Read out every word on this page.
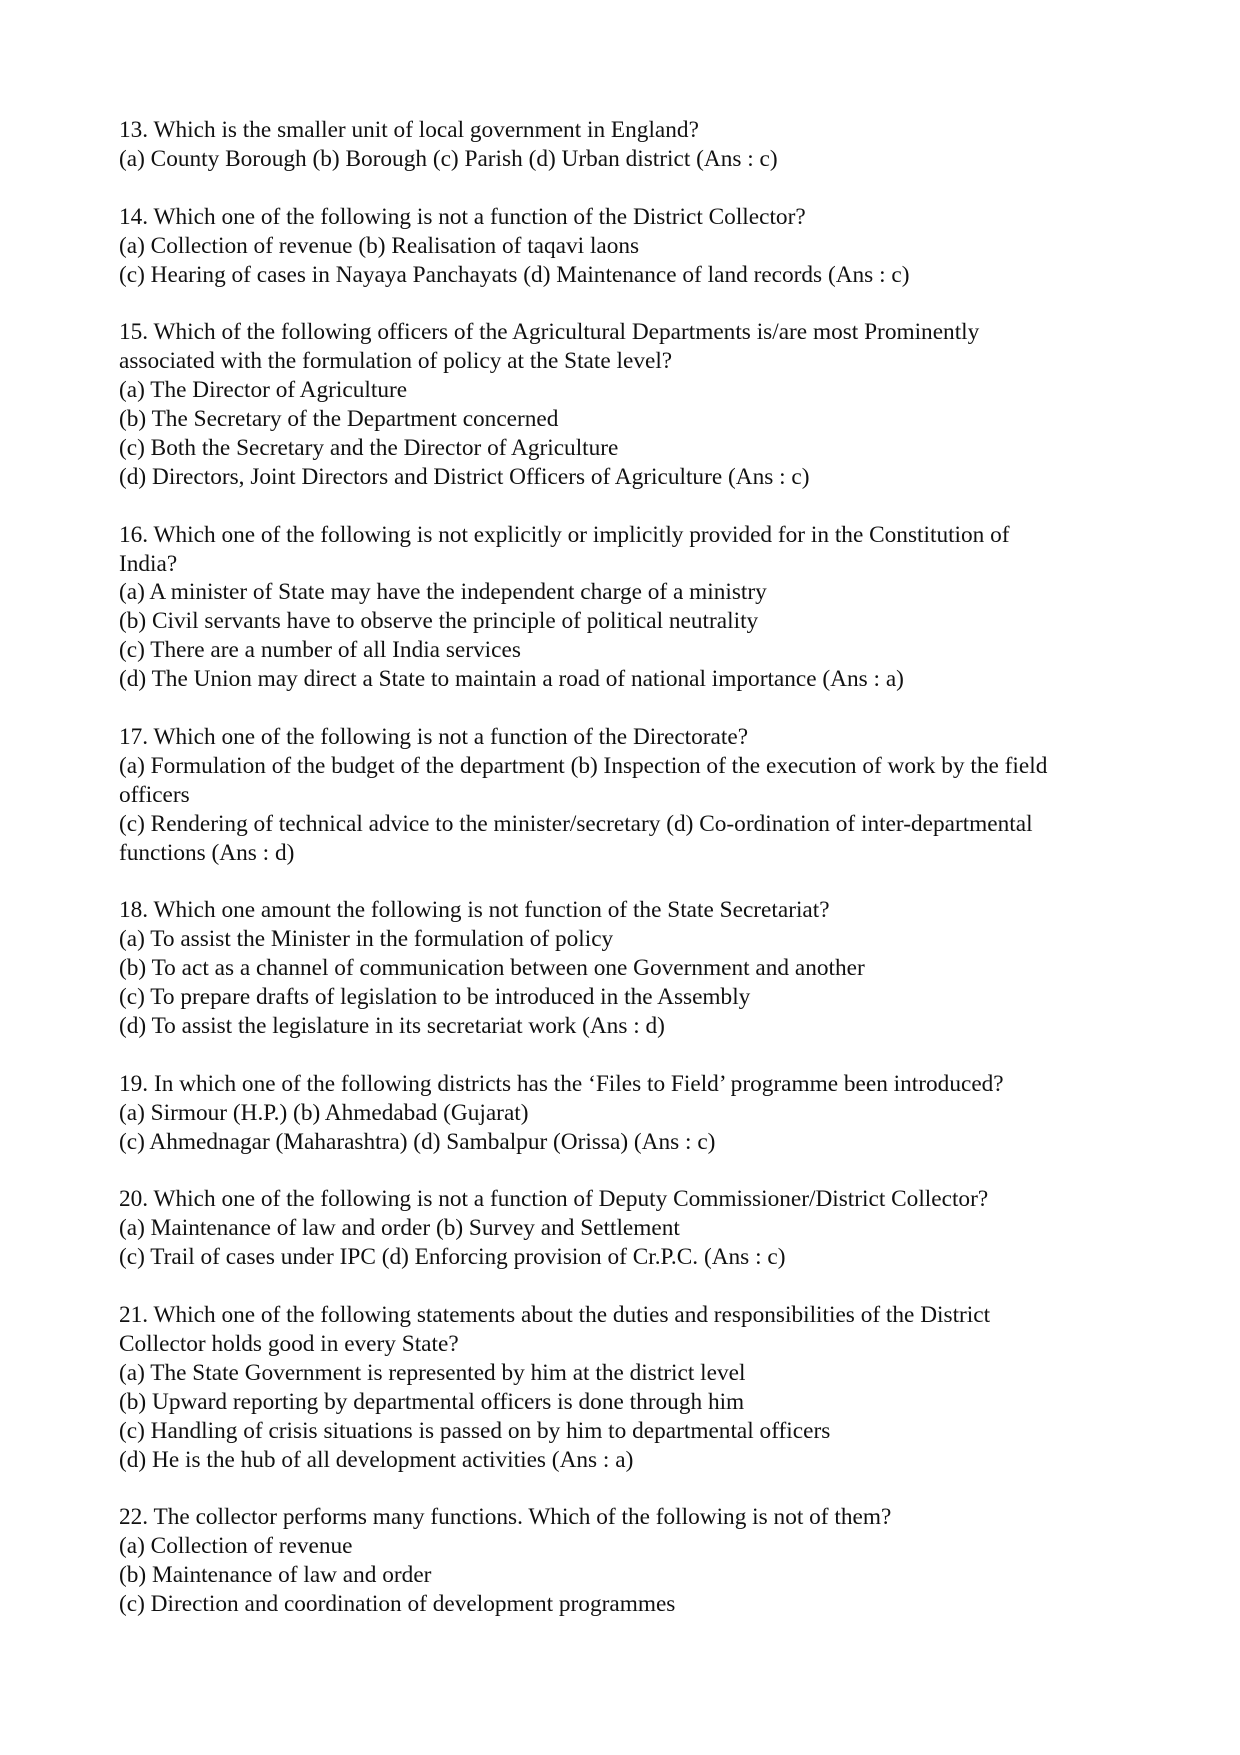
13. Which is the smaller unit of local government in England?
(a) County Borough (b) Borough (c) Parish (d) Urban district (Ans : c)
14. Which one of the following is not a function of the District Collector?
(a) Collection of revenue (b) Realisation of taqavi laons
(c) Hearing of cases in Nayaya Panchayats (d) Maintenance of land records (Ans : c)
15. Which of the following officers of the Agricultural Departments is/are most Prominently
associated with the formulation of policy at the State level?
(a) The Director of Agriculture
(b) The Secretary of the Department concerned
(c) Both the Secretary and the Director of Agriculture
(d) Directors, Joint Directors and District Officers of Agriculture (Ans : c)
16. Which one of the following is not explicitly or implicitly provided for in the Constitution of
India?
(a) A minister of State may have the independent charge of a ministry
(b) Civil servants have to observe the principle of political neutrality
(c) There are a number of all India services
(d) The Union may direct a State to maintain a road of national importance (Ans : a)
17. Which one of the following is not a function of the Directorate?
(a) Formulation of the budget of the department (b) Inspection of the execution of work by the field
officers
(c) Rendering of technical advice to the minister/secretary (d) Co-ordination of inter-departmental
functions (Ans : d)
18. Which one amount the following is not function of the State Secretariat?
(a) To assist the Minister in the formulation of policy
(b) To act as a channel of communication between one Government and another
(c) To prepare drafts of legislation to be introduced in the Assembly
(d) To assist the legislature in its secretariat work (Ans : d)
19. In which one of the following districts has the ‘Files to Field’ programme been introduced?
(a) Sirmour (H.P.) (b) Ahmedabad (Gujarat)
(c) Ahmednagar (Maharashtra) (d) Sambalpur (Orissa) (Ans : c)
20. Which one of the following is not a function of Deputy Commissioner/District Collector?
(a) Maintenance of law and order (b) Survey and Settlement
(c) Trail of cases under IPC (d) Enforcing provision of Cr.P.C. (Ans : c)
21. Which one of the following statements about the duties and responsibilities of the District
Collector holds good in every State?
(a) The State Government is represented by him at the district level
(b) Upward reporting by departmental officers is done through him
(c) Handling of crisis situations is passed on by him to departmental officers
(d) He is the hub of all development activities (Ans : a)
22. The collector performs many functions. Which of the following is not of them?
(a) Collection of revenue
(b) Maintenance of law and order
(c) Direction and coordination of development programmes
